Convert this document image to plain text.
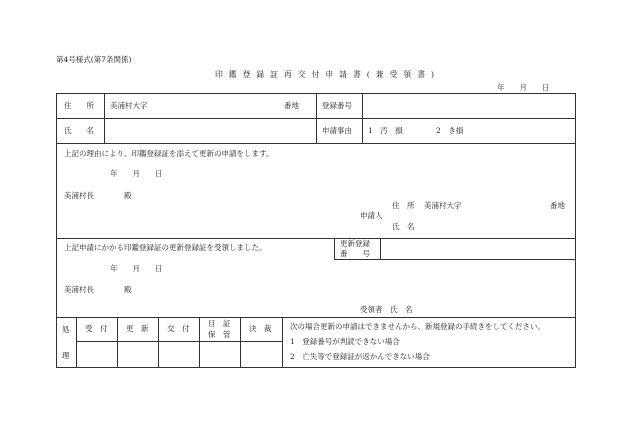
第4号様式(第7条関係)
印鑑登録証再交付申請書(兼受領書)
年　　月　　日
住　　所 美浦村大字	番地	登録番号
氏　　名	申請事由 1　汚　損	2　き損
上記の理由により、印鑑登録証を添えて更新の申請をします。
年　　月　　日
美浦村長　　　　殿
住　所 美浦村大字	番地
申請人
氏　名
上記申請にかかる印鑑登録証の更新登録証を受領しました。	更新登録
番　　号
年　　月　　日
美浦村長　　　　殿
受領者　氏　名
処
理
受　付 更　新 交　付
目　証
保　管
決　裁 次の場合更新の申請はできませんから、新規登録の手続きをしてください。
1　登録番号が判読できない場合
2　亡失等で登録証が返かんできない場合
